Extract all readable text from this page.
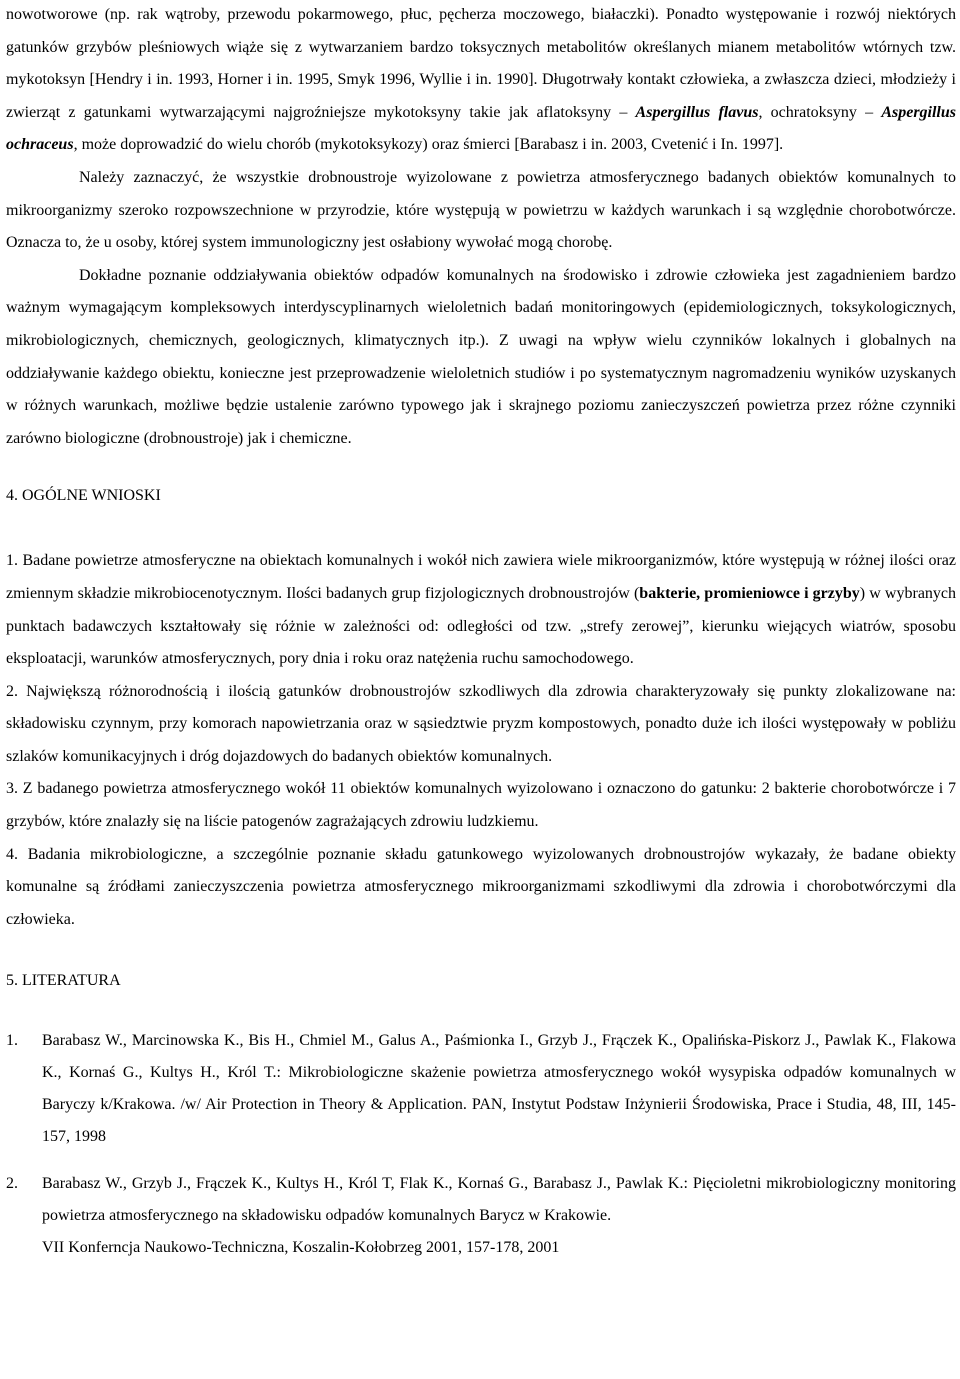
nowotworowe (np. rak wątroby, przewodu pokarmowego, płuc, pęcherza moczowego, białaczki). Ponadto występowanie i rozwój niektórych gatunków grzybów pleśniowych wiąże się z wytwarzaniem bardzo toksycznych metabolitów określanych mianem metabolitów wtórnych tzw. mykotoksyn [Hendry i in. 1993, Horner i in. 1995, Smyk 1996, Wyllie i in. 1990]. Długotrwały kontakt człowieka, a zwłaszcza dzieci, młodzieży i zwierząt z gatunkami wytwarzającymi najgroźniejsze mykotoksyny takie jak aflatoksyny – Aspergillus flavus, ochratoksyny – Aspergillus ochraceus, może doprowadzić do wielu chorób (mykotoksykozy) oraz śmierci [Barabasz i in. 2003, Cvetenić i In. 1997].

Należy zaznaczyć, że wszystkie drobnoustroje wyizolowane z powietrza atmosferycznego badanych obiektów komunalnych to mikroorganizmy szeroko rozpowszechnione w przyrodzie, które występują w powietrzu w każdych warunkach i są względnie chorobotwórcze. Oznacza to, że u osoby, której system immunologiczny jest osłabiony wywołać mogą chorobę.

Dokładne poznanie oddziaływania obiektów odpadów komunalnych na środowisko i zdrowie człowieka jest zagadnieniem bardzo ważnym wymagającym kompleksowych interdyscyplinarnych wieloletnich badań monitoringowych (epidemiologicznych, toksykologicznych, mikrobiologicznych, chemicznych, geologicznych, klimatycznych itp.). Z uwagi na wpływ wielu czynników lokalnych i globalnych na oddziaływanie każdego obiektu, konieczne jest przeprowadzenie wieloletnich studiów i po systematycznym nagromadzeniu wyników uzyskanych w różnych warunkach, możliwe będzie ustalenie zarówno typowego jak i skrajnego poziomu zanieczyszczeń powietrza przez różne czynniki zarówno biologiczne (drobnoustroje) jak i chemiczne.

4. OGÓLNE WNIOSKI

1. Badane powietrze atmosferyczne na obiektach komunalnych i wokół nich zawiera wiele mikroorganizmów, które występują w różnej ilości oraz zmiennym składzie mikrobiocenotycznym. Ilości badanych grup fizjologicznych drobnoustrojów (bakterie, promieniowce i grzyby) w wybranych punktach badawczych kształtowały się różnie w zależności od: odległości od tzw. „strefy zerowej”, kierunku wiejących wiatrów, sposobu eksploatacji, warunków atmosferycznych, pory dnia i roku oraz natężenia ruchu samochodowego.

2. Największą różnorodnością i ilością gatunków drobnoustrojów szkodliwych dla zdrowia charakteryzowały się punkty zlokalizowane na: składowisku czynnym, przy komorach napowietrzania oraz w sąsiedztwie pryzm kompostowych, ponadto duże ich ilości występowały w pobliżu szlaków komunikacyjnych i dróg dojazdowych do badanych obiektów komunalnych.

3. Z badanego powietrza atmosferycznego wokół 11 obiektów komunalnych wyizolowano i oznaczono do gatunku: 2 bakterie chorobotwórcze i 7 grzybów, które znalazły się na liście patogenów zagrażających zdrowiu ludzkiemu.

4. Badania mikrobiologiczne, a szczególnie poznanie składu gatunkowego wyizolowanych drobnoustrojów wykazały, że badane obiekty komunalne są źródłami zanieczyszczenia powietrza atmosferycznego mikroorganizmami szkodliwymi dla zdrowia i chorobotwórczymi dla człowieka.

5. LITERATURA

1.	Barabasz W., Marcinowska K., Bis H., Chmiel M., Galus A., Paśmionka I., Grzyb J., Frączek K., Opalińska-Piskorz J., Pawlak K., Flakowa K., Kornaś G., Kultys H., Król T.: Mikrobiologiczne skażenie powietrza atmosferycznego wokół wysypiska odpadów komunalnych w Baryczy k/Krakowa. /w/ Air Protection in Theory & Application. PAN, Instytut Podstaw Inżynierii Środowiska, Prace i Studia, 48, III, 145-157, 1998
2.	Barabasz W., Grzyb J., Frączek K., Kultys H., Król T, Flak K., Kornaś G., Barabasz J., Pawlak K.: Pięcioletni mikrobiologiczny monitoring powietrza atmosferycznego na składowisku odpadów komunalnych Barycz w Krakowie.
VII Konferncja Naukowo-Techniczna, Koszalin-Kołobrzeg 2001, 157-178, 2001
